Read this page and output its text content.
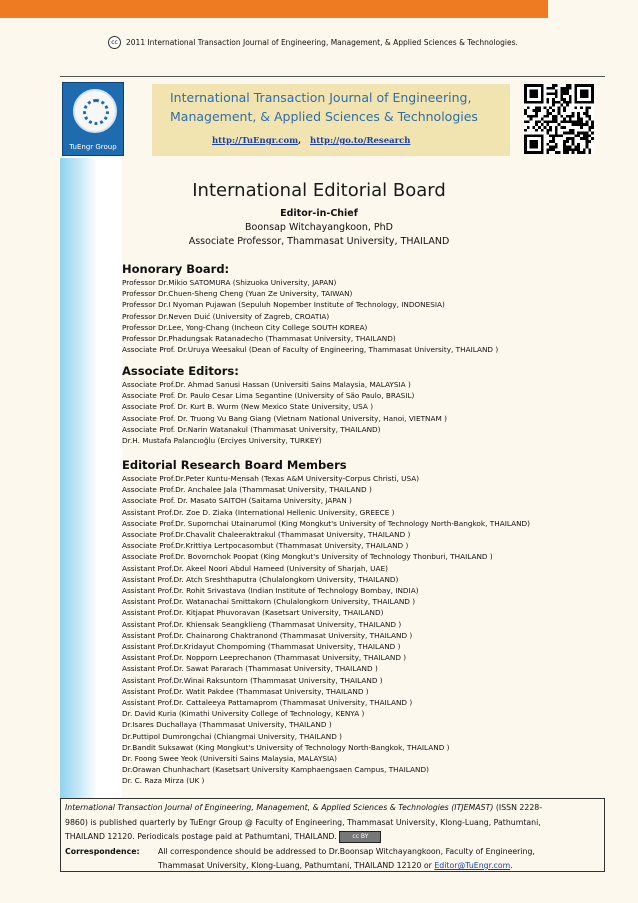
cc	2011 International Transaction Journal of Engineering, Management, & Applied Sciences & Technologies.
TuEngr Group
International Transaction Journal of Engineering,
Management, & Applied Sciences & Technologies
http://TuEngr.com, http://go.to/Research
International Editorial Board
Editor-in-Chief
Boonsap Witchayangkoon, PhD
Associate Professor, Thammasat University, THAILAND
Honorary Board:
Professor Dr.Mikio SATOMURA (Shizuoka University, JAPAN)
Professor Dr.Chuen-Sheng Cheng (Yuan Ze University, TAIWAN)
Professor Dr.I Nyoman Pujawan (Sepuluh Nopember Institute of Technology, INDONESIA)
Professor Dr.Neven Duić (University of Zagreb, CROATIA)
Professor Dr.Lee, Yong-Chang (Incheon City College SOUTH KOREA)
Professor Dr.Phadungsak Ratanadecho (Thammasat University, THAILAND)
Associate Prof. Dr.Uruya Weesakul (Dean of Faculty of Engineering, Thammasat University, THAILAND )
Associate Editors:
Associate Prof.Dr. Ahmad Sanusi Hassan (Universiti Sains Malaysia, MALAYSIA )
Associate Prof. Dr. Paulo Cesar Lima Segantine (University of São Paulo, BRASIL)
Associate Prof. Dr. Kurt B. Wurm (New Mexico State University, USA )
Associate Prof. Dr. Truong Vu Bang Giang (Vietnam National University, Hanoi, VIETNAM )
Associate Prof. Dr.Narin Watanakul (Thammasat University, THAILAND)
Dr.H. Mustafa Palancıoğlu (Erciyes University, TURKEY)
Editorial Research Board Members
Associate Prof.Dr.Peter Kuntu-Mensah (Texas A&M University-Corpus Christi, USA)
Associate Prof.Dr. Anchalee Jala (Thammasat University, THAILAND )
Associate Prof. Dr. Masato SAITOH (Saitama University, JAPAN )
Assistant Prof.Dr. Zoe D. Ziaka (International Hellenic University, GREECE )
Associate Prof.Dr. Supornchai Utainarumol (King Mongkut's University of Technology North-Bangkok, THAILAND)
Associate Prof.Dr.Chavalit Chaleeraktrakul (Thammasat University, THAILAND )
Associate Prof.Dr.Krittiya Lertpocasombut (Thammasat University, THAILAND )
Associate Prof.Dr. Bovornchok Poopat (King Mongkut's University of Technology Thonburi, THAILAND )
Assistant Prof.Dr. Akeel Noori Abdul Hameed (University of Sharjah, UAE)
Assistant Prof.Dr. Atch Sreshthaputra (Chulalongkorn University, THAILAND)
Assistant Prof.Dr. Rohit Srivastava (Indian Institute of Technology Bombay, INDIA)
Assistant Prof.Dr. Watanachai Smittakorn (Chulalongkorn University, THAILAND )
Assistant Prof.Dr. Kitjapat Phuvoravan (Kasetsart University, THAILAND)
Assistant Prof.Dr. Khiensak Seangklieng (Thammasat University, THAILAND )
Assistant Prof.Dr. Chainarong Chaktranond (Thammasat University, THAILAND )
Assistant Prof.Dr.Kridayut Chompoming (Thammasat University, THAILAND )
Assistant Prof.Dr. Nopporn Leeprechanon (Thammasat University, THAILAND )
Assistant Prof.Dr. Sawat Pararach (Thammasat University, THAILAND )
Assistant Prof.Dr.Winai Raksuntorn (Thammasat University, THAILAND )
Assistant Prof.Dr. Watit Pakdee (Thammasat University, THAILAND )
Assistant Prof.Dr. Cattaleeya Pattamaprom (Thammasat University, THAILAND )
Dr. David Kuria (Kimathi University College of Technology, KENYA )
Dr.Isares Duchallaya (Thammasat University, THAILAND )
Dr.Puttipol Dumrongchai (Chiangmai University, THAILAND )
Dr.Bandit Suksawat (King Mongkut's University of Technology North-Bangkok, THAILAND )
Dr. Foong Swee Yeok (Universiti Sains Malaysia, MALAYSIA)
Dr.Orawan Chunhachart (Kasetsart University Kamphaengsaen Campus, THAILAND)
Dr. C. Raza Mirza (UK )
International Transaction Journal of Engineering, Management, & Applied Sciences & Technologies (ITJEMAST) (ISSN 2228-
9860) is published quarterly by TuEngr Group @ Faculty of Engineering, Thammasat University, Klong-Luang, Pathumtani,
THAILAND 12120. Periodicals postage paid at Pathumtani, THAILAND.	cc BY
Correspondence: All correspondence should be addressed to Dr.Boonsap Witchayangkoon, Faculty of Engineering,
Thammasat University, Klong-Luang, Pathumtani, THAILAND 12120 or Editor@TuEngr.com.
